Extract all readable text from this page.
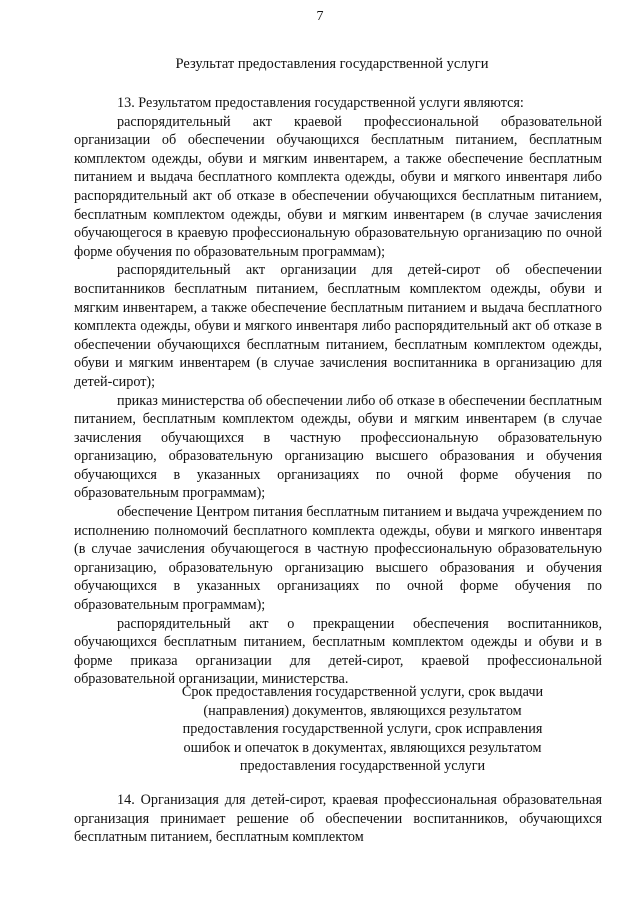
7
Результат предоставления государственной услуги

13. Результатом предоставления государственной услуги являются:

распорядительный акт краевой профессиональной образовательной организации об обеспечении обучающихся бесплатным питанием, бесплатным комплектом одежды, обуви и мягким инвентарем, а также обеспечение бесплатным питанием и выдача бесплатного комплекта одежды, обуви и мягкого инвентаря либо распорядительный акт об отказе в обеспечении обучающихся бесплатным питанием, бесплатным комплектом одежды, обуви и мягким инвентарем (в случае зачисления обучающегося в краевую профессиональную образовательную организацию по очной форме обучения по образовательным программам);

распорядительный акт организации для детей-сирот об обеспечении воспитанников бесплатным питанием, бесплатным комплектом одежды, обуви и мягким инвентарем, а также обеспечение бесплатным питанием и выдача бесплатного комплекта одежды, обуви и мягкого инвентаря либо распорядительный акт об отказе в обеспечении обучающихся бесплатным питанием, бесплатным комплектом одежды, обуви и мягким инвентарем (в случае зачисления воспитанника в организацию для детей-сирот);

приказ министерства об обеспечении либо об отказе в обеспечении бесплатным питанием, бесплатным комплектом одежды, обуви и мягким инвентарем (в случае зачисления обучающихся в частную профессиональную образовательную организацию, образовательную организацию высшего образования и обучения обучающихся в указанных организациях по очной форме обучения по образовательным программам);

обеспечение Центром питания бесплатным питанием и выдача учреждением по исполнению полномочий бесплатного комплекта одежды, обуви и мягкого инвентаря (в случае зачисления обучающегося в частную профессиональную образовательную организацию, образовательную организацию высшего образования и обучения обучающихся в указанных организациях по очной форме обучения по образовательным программам);

распорядительный акт о прекращении обеспечения воспитанников, обучающихся бесплатным питанием, бесплатным комплектом одежды и обуви и в форме приказа организации для детей-сирот, краевой профессиональной образовательной организации, министерства.

Срок предоставления государственной услуги, срок выдачи
(направления) документов, являющихся результатом
предоставления государственной услуги, срок исправления
ошибок и опечаток в документах, являющихся результатом
предоставления государственной услуги

14. Организация для детей-сирот, краевая профессиональная образовательная организация принимает решение об обеспечении воспитанников, обучающихся бесплатным питанием, бесплатным комплектом
